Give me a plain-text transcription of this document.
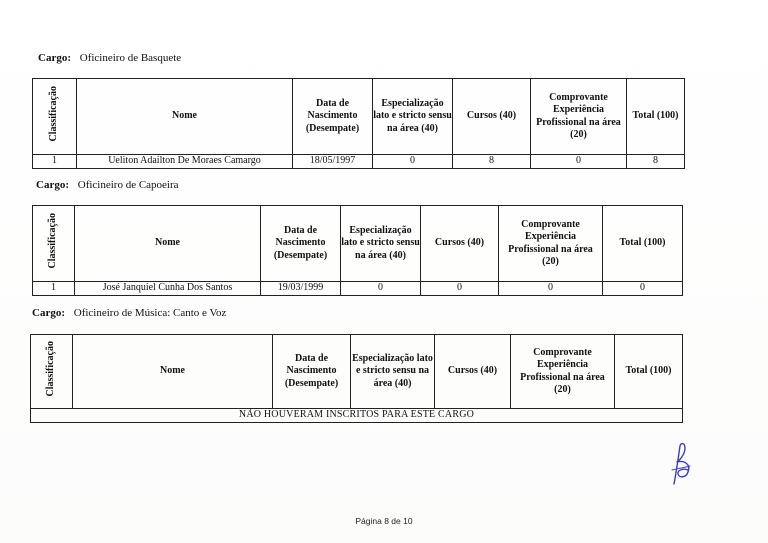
Cargo: Oficineiro de Basquete
Classificação	Nome	Data de Nascimento (Desempate)	Especialização lato e stricto sensu na área (40)	Cursos (40)	Comprovante Experiência Profissional na área (20)	Total (100)
1	Ueliton Adailton De Moraes Camargo	18/05/1997	0	8	0	8
Cargo: Oficineiro de Capoeira
Classificação	Nome	Data de Nascimento (Desempate)	Especialização lato e stricto sensu na área (40)	Cursos (40)	Comprovante Experiência Profissional na área (20)	Total (100)
1	José Janquiel Cunha Dos Santos	19/03/1999	0	0	0	0
Cargo: Oficineiro de Música: Canto e Voz
Classificação	Nome	Data de Nascimento (Desempate)	Especialização lato e stricto sensu na área (40)	Cursos (40)	Comprovante Experiência Profissional na área (20)	Total (100)
NÃO HOUVERAM INSCRITOS PARA ESTE CARGO
Página 8 de 10
